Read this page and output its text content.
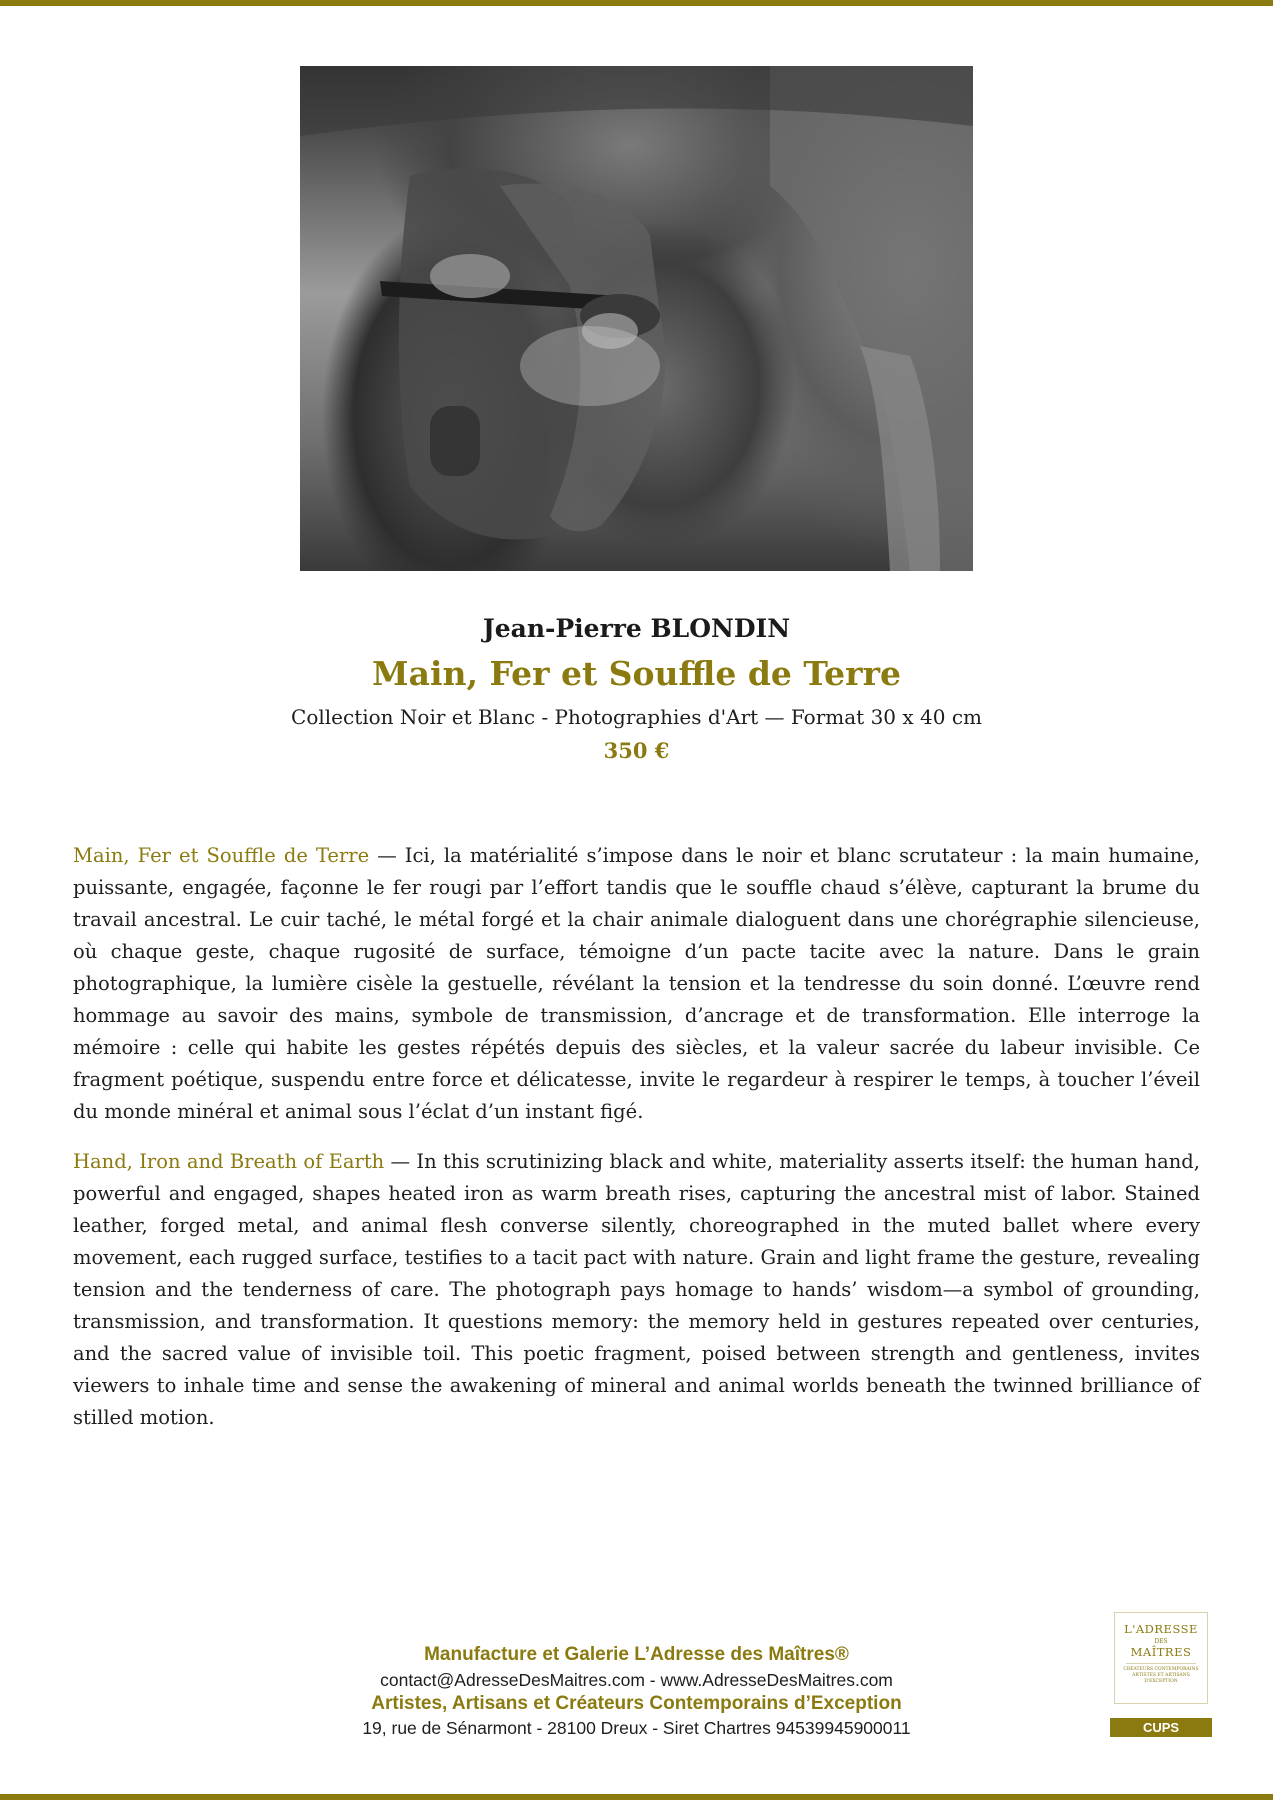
Jean-Pierre BLONDIN
Main, Fer et Souffle de Terre
Collection Noir et Blanc - Photographies d'Art — Format 30 x 40 cm
350 €

Main, Fer et Souffle de Terre — Ici, la matérialité s’impose dans le noir et blanc scrutateur : la main humaine, puissante, engagée, façonne le fer rougi par l’effort tandis que le souffle chaud s’élève, capturant la brume du travail ancestral. Le cuir taché, le métal forgé et la chair animale dialoguent dans une chorégraphie silencieuse, où chaque geste, chaque rugosité de surface, témoigne d’un pacte tacite avec la nature. Dans le grain photographique, la lumière cisèle la gestuelle, révélant la tension et la tendresse du soin donné. L’œuvre rend hommage au savoir des mains, symbole de transmission, d’ancrage et de transformation. Elle interroge la mémoire : celle qui habite les gestes répétés depuis des siècles, et la valeur sacrée du labeur invisible. Ce fragment poétique, suspendu entre force et délicatesse, invite le regardeur à respirer le temps, à toucher l’éveil du monde minéral et animal sous l’éclat d’un instant figé.

Hand, Iron and Breath of Earth — In this scrutinizing black and white, materiality asserts itself: the human hand, powerful and engaged, shapes heated iron as warm breath rises, capturing the ancestral mist of labor. Stained leather, forged metal, and animal flesh converse silently, choreographed in the muted ballet where every movement, each rugged surface, testifies to a tacit pact with nature. Grain and light frame the gesture, revealing tension and the tenderness of care. The photograph pays homage to hands’ wisdom—a symbol of grounding, transmission, and transformation. It questions memory: the memory held in gestures repeated over centuries, and the sacred value of invisible toil. This poetic fragment, poised between strength and gentleness, invites viewers to inhale time and sense the awakening of mineral and animal worlds beneath the twinned brilliance of stilled motion.

Manufacture et Galerie L’Adresse des Maîtres®
contact@AdresseDesMaitres.com - www.AdresseDesMaitres.com
Artistes, Artisans et Créateurs Contemporains d’Exception
19, rue de Sénarmont - 28100 Dreux - Siret Chartres 94539945900011
L'ADRESSE
DES
MAÎTRES
CRÉATEURS CONTEMPORAINS ARTISTES ET ARTISANS D'EXCEPTION
CUPS
